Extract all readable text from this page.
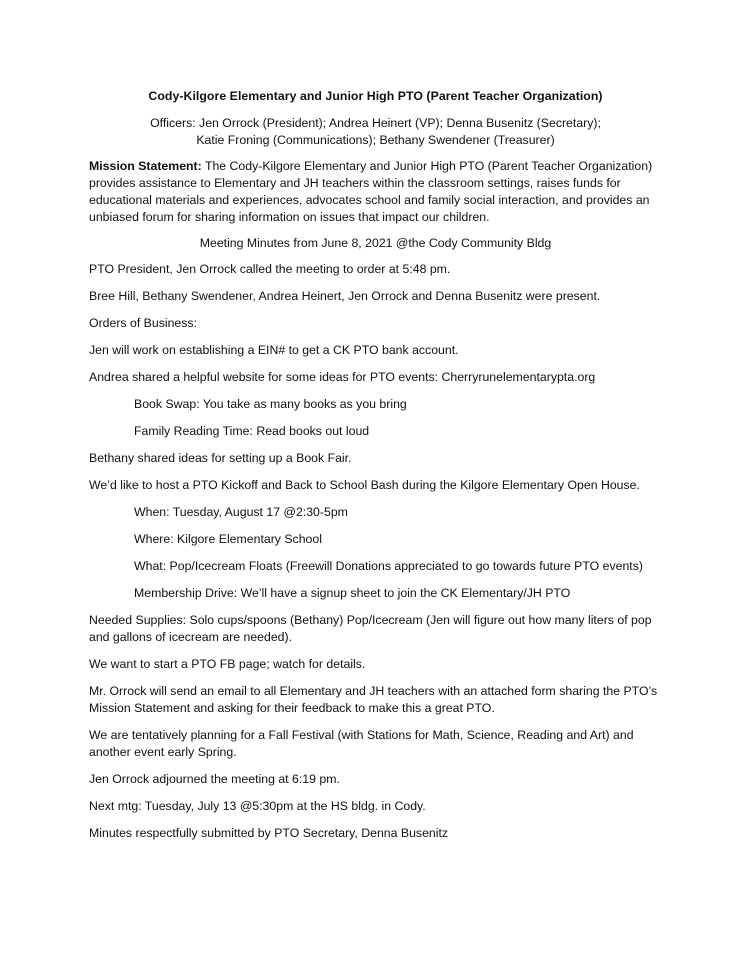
Cody-Kilgore Elementary and Junior High PTO (Parent Teacher Organization)
Officers: Jen Orrock (President); Andrea Heinert (VP); Denna Busenitz (Secretary);
Katie Froning (Communications); Bethany Swendener (Treasurer)
Mission Statement: The Cody-Kilgore Elementary and Junior High PTO (Parent Teacher Organization) provides assistance to Elementary and JH teachers within the classroom settings, raises funds for educational materials and experiences, advocates school and family social interaction, and provides an unbiased forum for sharing information on issues that impact our children.
Meeting Minutes from June 8, 2021 @the Cody Community Bldg

PTO President, Jen Orrock called the meeting to order at 5:48 pm.

Bree Hill, Bethany Swendener, Andrea Heinert, Jen Orrock and Denna Busenitz were present.

Orders of Business:

Jen will work on establishing a EIN# to get a CK PTO bank account.

Andrea shared a helpful website for some ideas for PTO events: Cherryrunelementarypta.org

Book Swap: You take as many books as you bring

Family Reading Time: Read books out loud

Bethany shared ideas for setting up a Book Fair.

We’d like to host a PTO Kickoff and Back to School Bash during the Kilgore Elementary Open House.

When: Tuesday, August 17 @2:30-5pm

Where: Kilgore Elementary School

What: Pop/Icecream Floats (Freewill Donations appreciated to go towards future PTO events)

Membership Drive: We’ll have a signup sheet to join the CK Elementary/JH PTO

Needed Supplies: Solo cups/spoons (Bethany) Pop/Icecream (Jen will figure out how many liters of pop and gallons of icecream are needed).

We want to start a PTO FB page; watch for details.

Mr. Orrock will send an email to all Elementary and JH teachers with an attached form sharing the PTO’s Mission Statement and asking for their feedback to make this a great PTO.

We are tentatively planning for a Fall Festival (with Stations for Math, Science, Reading and Art) and another event early Spring.

Jen Orrock adjourned the meeting at 6:19 pm.

Next mtg: Tuesday, July 13 @5:30pm at the HS bldg. in Cody.

Minutes respectfully submitted by PTO Secretary, Denna Busenitz
